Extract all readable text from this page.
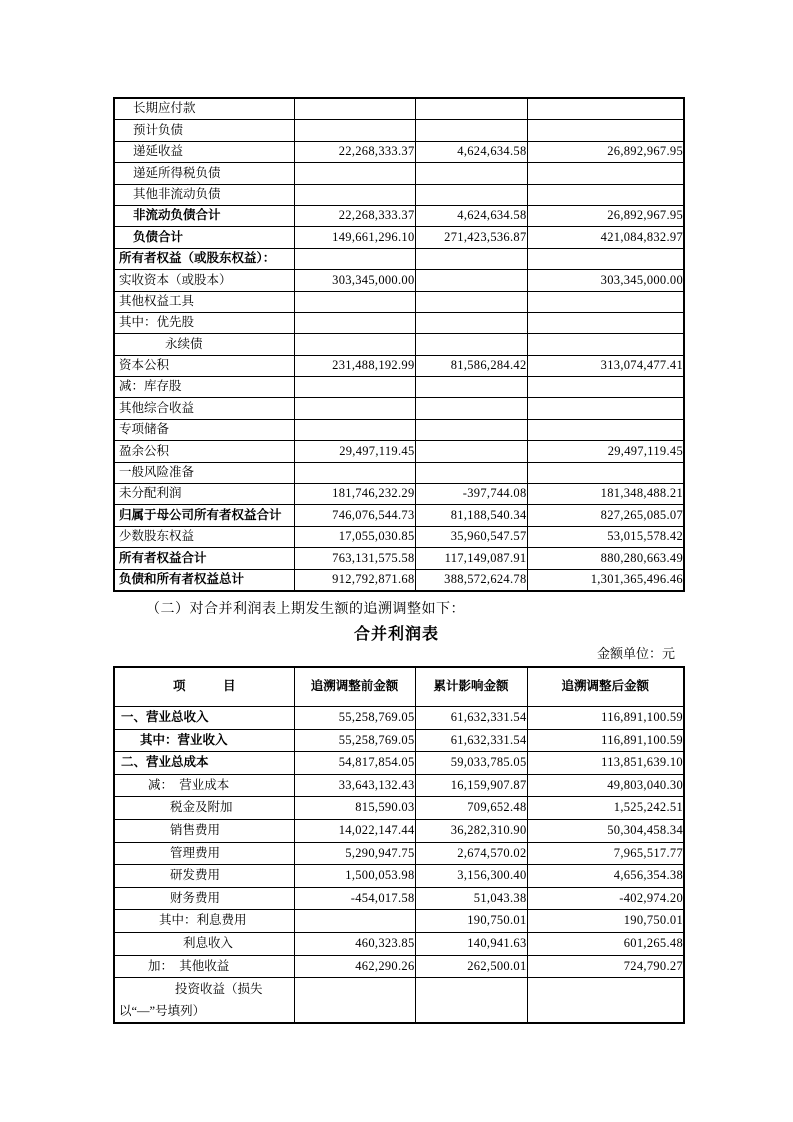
长期应付款			
预计负债			
递延收益	22,268,333.37	4,624,634.58	26,892,967.95
递延所得税负债			
其他非流动负债			
非流动负债合计	22,268,333.37	4,624,634.58	26,892,967.95
负债合计	149,661,296.10	271,423,536.87	421,084,832.97
所有者权益（或股东权益）：			
实收资本（或股本）	303,345,000.00		303,345,000.00
其他权益工具			
其中：优先股			
永续债			
资本公积	231,488,192.99	81,586,284.42	313,074,477.41
减：库存股			
其他综合收益			
专项储备			
盈余公积	29,497,119.45		29,497,119.45
一般风险准备			
未分配利润	181,746,232.29	-397,744.08	181,348,488.21
归属于母公司所有者权益合计	746,076,544.73	81,188,540.34	827,265,085.07
少数股东权益	17,055,030.85	35,960,547.57	53,015,578.42
所有者权益合计	763,131,575.58	117,149,087.91	880,280,663.49
负债和所有者权益总计	912,792,871.68	388,572,624.78	1,301,365,496.46

（二）对合并利润表上期发生额的追溯调整如下：

合并利润表
金额单位：元
项　　　目	追溯调整前金额	累计影响金额	追溯调整后金额
一、营业总收入	55,258,769.05	61,632,331.54	116,891,100.59
其中：营业收入	55,258,769.05	61,632,331.54	116,891,100.59
二、营业总成本	54,817,854.05	59,033,785.05	113,851,639.10
减：　营业成本	33,643,132.43	16,159,907.87	49,803,040.30
税金及附加	815,590.03	709,652.48	1,525,242.51
销售费用	14,022,147.44	36,282,310.90	50,304,458.34
管理费用	5,290,947.75	2,674,570.02	7,965,517.77
研发费用	1,500,053.98	3,156,300.40	4,656,354.38
财务费用	-454,017.58	51,043.38	-402,974.20
其中：利息费用		190,750.01	190,750.01
利息收入	460,323.85	140,941.63	601,265.48
加：　其他收益	462,290.26	262,500.01	724,790.27
投资收益（损失以“—”号填列）			
